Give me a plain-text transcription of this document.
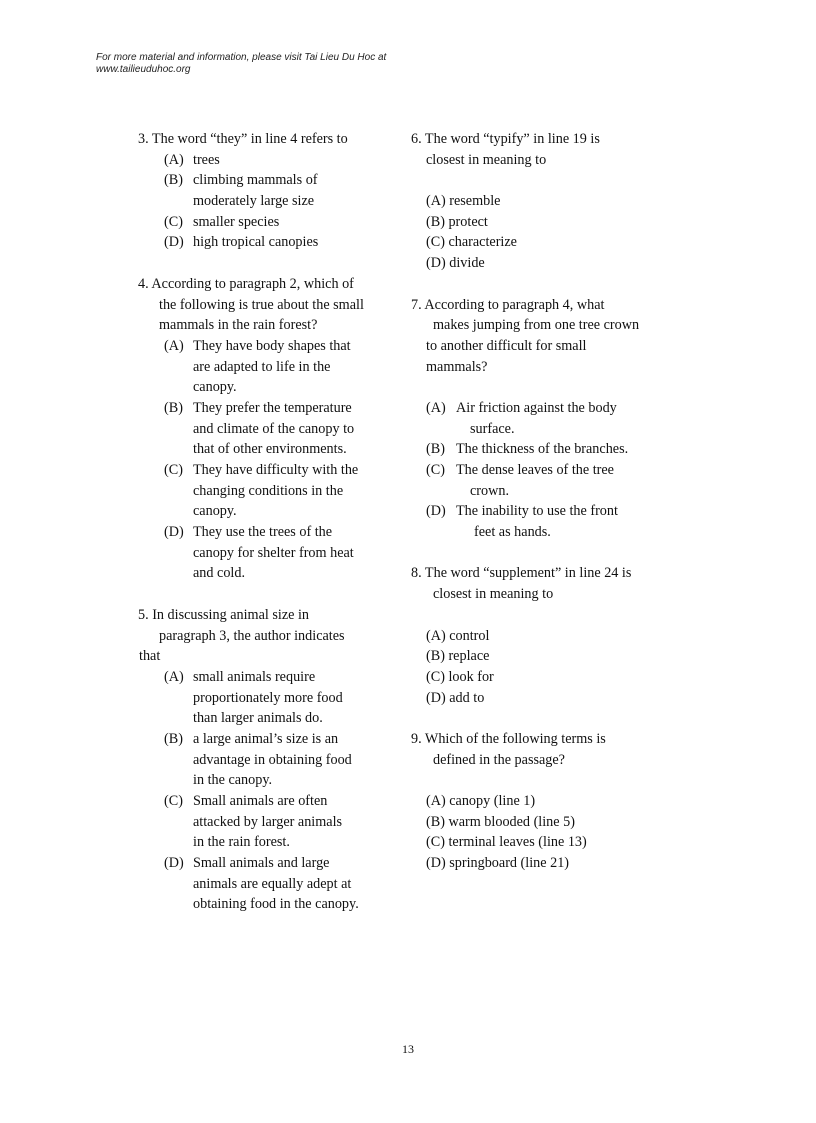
For more material and information, please visit Tai Lieu Du Hoc at
www.tailieuduhoc.org
3. The word “they” in line 4 refers to
(A) trees
(B) climbing mammals of
moderately large size
(C) smaller species
(D) high tropical canopies
4. According to paragraph 2, which of
the following is true about the small
mammals in the rain forest?
(A) They have body shapes that
are adapted to life in the
canopy.
(B) They prefer the temperature
and climate of the canopy to
that of other environments.
(C) They have difficulty with the
changing conditions in the
canopy.
(D) They use the trees of the
canopy for shelter from heat
and cold.
5. In discussing animal size in
paragraph 3, the author indicates
that
(A) small animals require
proportionately more food
than larger animals do.
(B) a large animal’s size is an
advantage in obtaining food
in the canopy.
(C) Small animals are often
attacked by larger animals
in the rain forest.
(D) Small animals and large
animals are equally adept at
obtaining food in the canopy.
6. The word “typify” in line 19 is
closest in meaning to
(A) resemble
(B) protect
(C) characterize
(D) divide
7. According to paragraph 4, what
makes jumping from one tree crown
to another difficult for small
mammals?
(A) Air friction against the body
surface.
(B) The thickness of the branches.
(C) The dense leaves of the tree
crown.
(D) The inability to use the front
feet as hands.
8. The word “supplement” in line 24 is
closest in meaning to
(A) control
(B) replace
(C) look for
(D) add to
9. Which of the following terms is
defined in the passage?
(A) canopy (line 1)
(B) warm blooded (line 5)
(C) terminal leaves (line 13)
(D) springboard (line 21)
13
